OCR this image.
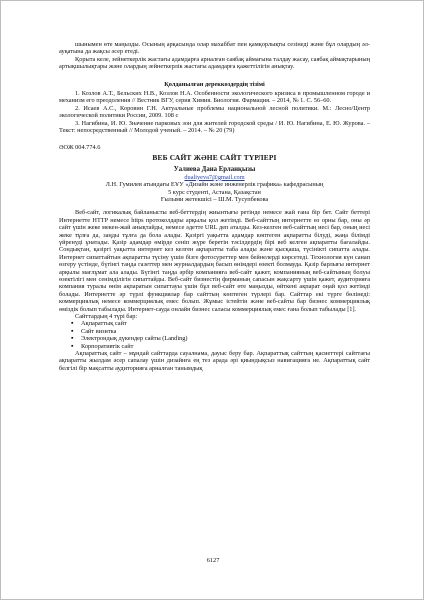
шынымен өте маңызды. Осының арқасында олар махаббат пен қамқорлықты сезінеді және бұл олардың әл-ауқатына да жақсы әсер етеді.

Қорыта келе, зейнеткерлік жастағы адамдарға арналған саябақ аймағына талдау жасау, саябақ аймақтарының артықшылықтары және олардың зейнеткерлік жастағы адамдарға қажеттілігін анықтау.

Қолданылған дереккөздердің тізімі

1. Козлов А.Т., Бельских Н.В., Козлов Н.А. Особенности экологического кризиса в промышленном городе и механизм его преодоления // Вестник ВГУ, серия Химия. Биология. Фармация. – 2014, № 1. С. 56–60.

2. Исаев А.С., Коровин Г.Н. Актуальные проблемы национальной лесной политики. М.: Лесно/Центр экологической политики России, 2009. 108 с

3. Нагибина, И. Ю. Значение парковых зон для жителей городской среды / И. Ю. Нагибина, Е. Ю. Журова. – Текст: непосредственный // Молодой ученый. – 2014. – № 20 (79)

ӘОЖ 004.774.6

ВЕБ САЙТ ЖӘНЕ САЙТ ТҮРЛЕРІ

Уалиева Дана Ерланқызы

dualiyeva7@gmail.com

Л.Н. Гумилев атындағы ЕҰУ «Дизайн және инженерлік графика» кафедрасының

5 курс студенті, Астана, Қазақстан

Ғылыми жетекшісі – Ш.М. Тусупбекова

Веб-сайт, логикалық байланысты веб-беттердің жиынтығы ретінде немесе жай ғана бір бет. Сайт беттері Интернетте HTTP немесе https протоколдары арқылы қол жетімді. Веб-сайттың интернетте өз орны бар, оны әр сайт үшін жеке мекен-жай анықтайды, немесе әдетте URL деп аталды. Кез-келген веб-сайттың иесі бар, оның иесі жеке тұлға да, заңды тұлға да бола алады. Қазіргі уақытта адамдар көптеген ақпаратты білуді, жаңа білімді үйренуді ұнатады. Қазір адамдар өмірде сеніп жүре беретін тәсілдердің бірі веб келген ақпаратты бағалайды. Сондықтан, қазіргі уақытта интернет кез келген ақпаратты таба алады және қысқаша, түсінікті сипатта алады. Интернет сипаттайтын ақпаратты түсіну үшін бізге фотосуреттер мен бейнелерді көрсетеді. Технология күн санап өзгеру үстінде, бүгінгі таңда газеттер мен журналдардың басып өнімдері өзекті болмауда. Қазір барлығы интернет арқылы мағлұмат ала алады. Бүгінгі таңда әрбір компанияға веб-сайт қажет, компанияның веб-сайтының болуы өзектілігі мен сенімділігін сипаттайды. Веб-сайт бизнестің фирманың сапасын жақсарту үшін қажет, аудиторияға компания туралы өнім ақпаратын сипаттауы үшін бұл веб-сайт өте маңызды, өйткені ақпарат оңай қол жетімді болады. Интернетте әр түрлі функциялар бар сайттың көптеген түрлері бар. Сайттар екі түрге бөлінеді: коммерциялық немесе коммерциялық емес болып. Жұмыс істейтін және веб-сайты бар бизнес коммерциялық өміздік болып табылады. Интернет-сауда онлайн бизнес саласы коммерциялық емес ғана болып табылады [1].

Сайттардың 4 түрі бар:

▪ Ақпараттық сайт
▪ Сайт визитка
▪ Электрондық дүкендер сайты (Landing)
▪ Корпоративтік сайт

Ақпараттық сайт – мұндай сайттарда сауалнама, дауыс беру бар. Ақпараттық сайттың қасиеттері сайттағы ақпаратты жылдам әсер сапалау үшін дизайнға ең тез арада әрі қиындықсыз навигацияға ие. Ақпараттық сайт белгілі бір мақсатты аудиторияға арналған танымдық

6127
